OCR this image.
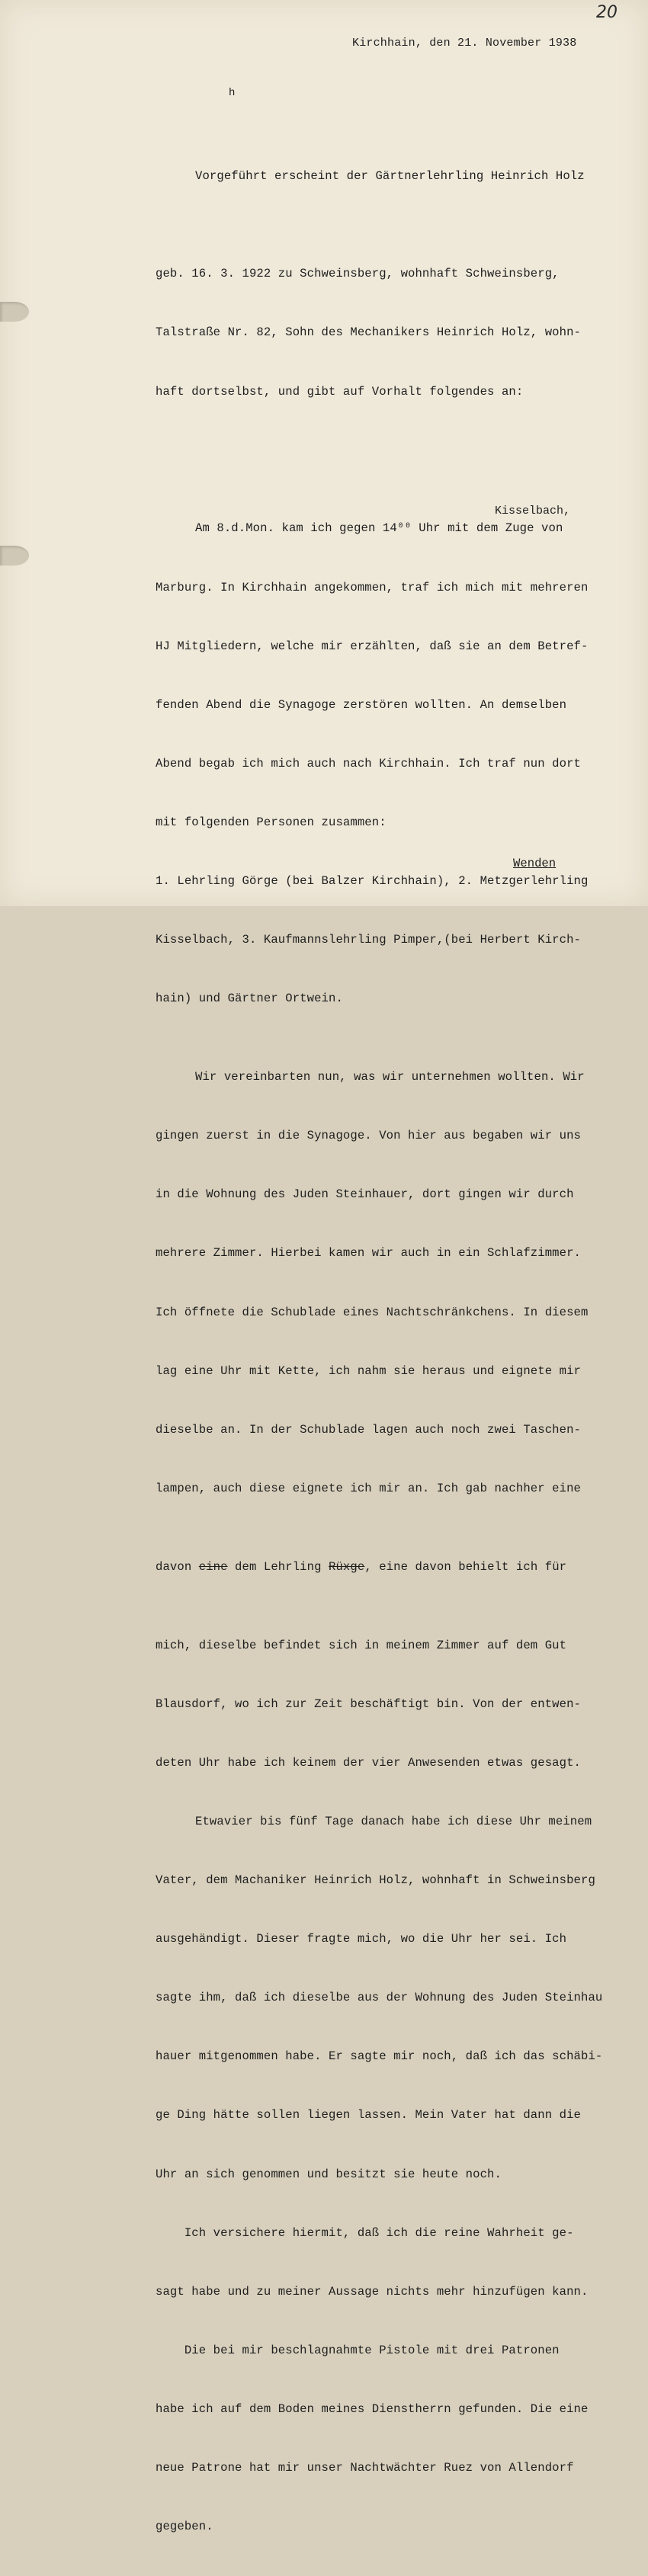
20
Kirchhain, den 21. November 1938
h
Kisselbach,

Vorgeführt erscheint der Gärtnerlehrling Heinrich Holz

geb. 16. 3. 1922 zu Schweinsberg, wohnhaft Schweinsberg,

Talstraße Nr. 82, Sohn des Mechanikers Heinrich Holz, wohn-

haft dortselbst, und gibt auf Vorhalt folgendes an:

Am 8.d.Mon. kam ich gegen 14⁰⁰ Uhr mit dem Zuge von

Marburg. In Kirchhain angekommen, traf ich mich mit mehreren

HJ Mitgliedern, welche mir erzählten, daß sie an dem Betref-

fenden Abend die Synagoge zerstören wollten. An demselben

Abend begab ich mich auch nach Kirchhain. Ich traf nun dort

mit folgenden Personen zusammen:

1. Lehrling Görge (bei Balzer Kirchhain), 2. Metzgerlehrling

Kisselbach, 3. Kaufmannslehrling Pimper,(bei Herbert Kirch-

hain) und Gärtner Ortwein.

Wir vereinbarten nun, was wir unternehmen wollten. Wir

gingen zuerst in die Synagoge. Von hier aus begaben wir uns

in die Wohnung des Juden Steinhauer, dort gingen wir durch

mehrere Zimmer. Hierbei kamen wir auch in ein Schlafzimmer.

Ich öffnete die Schublade eines Nachtschränkchens. In diesem

lag eine Uhr mit Kette, ich nahm sie heraus und eignete mir

dieselbe an. In der Schublade lagen auch noch zwei Taschen-

lampen, auch diese eignete ich mir an. Ich gab nachher eine

davon eine dem Lehrling Rüxge, eine davon behielt ich für

mich, dieselbe befindet sich in meinem Zimmer auf dem Gut

Blausdorf, wo ich zur Zeit beschäftigt bin. Von der entwen-

deten Uhr habe ich keinem der vier Anwesenden etwas gesagt.

Etwavier bis fünf Tage danach habe ich diese Uhr meinem

Vater, dem Machaniker Heinrich Holz, wohnhaft in Schweinsberg

ausgehändigt. Dieser fragte mich, wo die Uhr her sei. Ich

sagte ihm, daß ich dieselbe aus der Wohnung des Juden Steinhau

hauer mitgenommen habe. Er sagte mir noch, daß ich das schäbi-

ge Ding hätte sollen liegen lassen. Mein Vater hat dann die

Uhr an sich genommen und besitzt sie heute noch.

Ich versichere hiermit, daß ich die reine Wahrheit ge-

sagt habe und zu meiner Aussage nichts mehr hinzufügen kann.

Die bei mir beschlagnahmte Pistole mit drei Patronen

habe ich auf dem Boden meines Dienstherrn gefunden. Die eine

neue Patrone hat mir unser Nachtwächter Ruez von Allendorf

gegeben.

Wenden
